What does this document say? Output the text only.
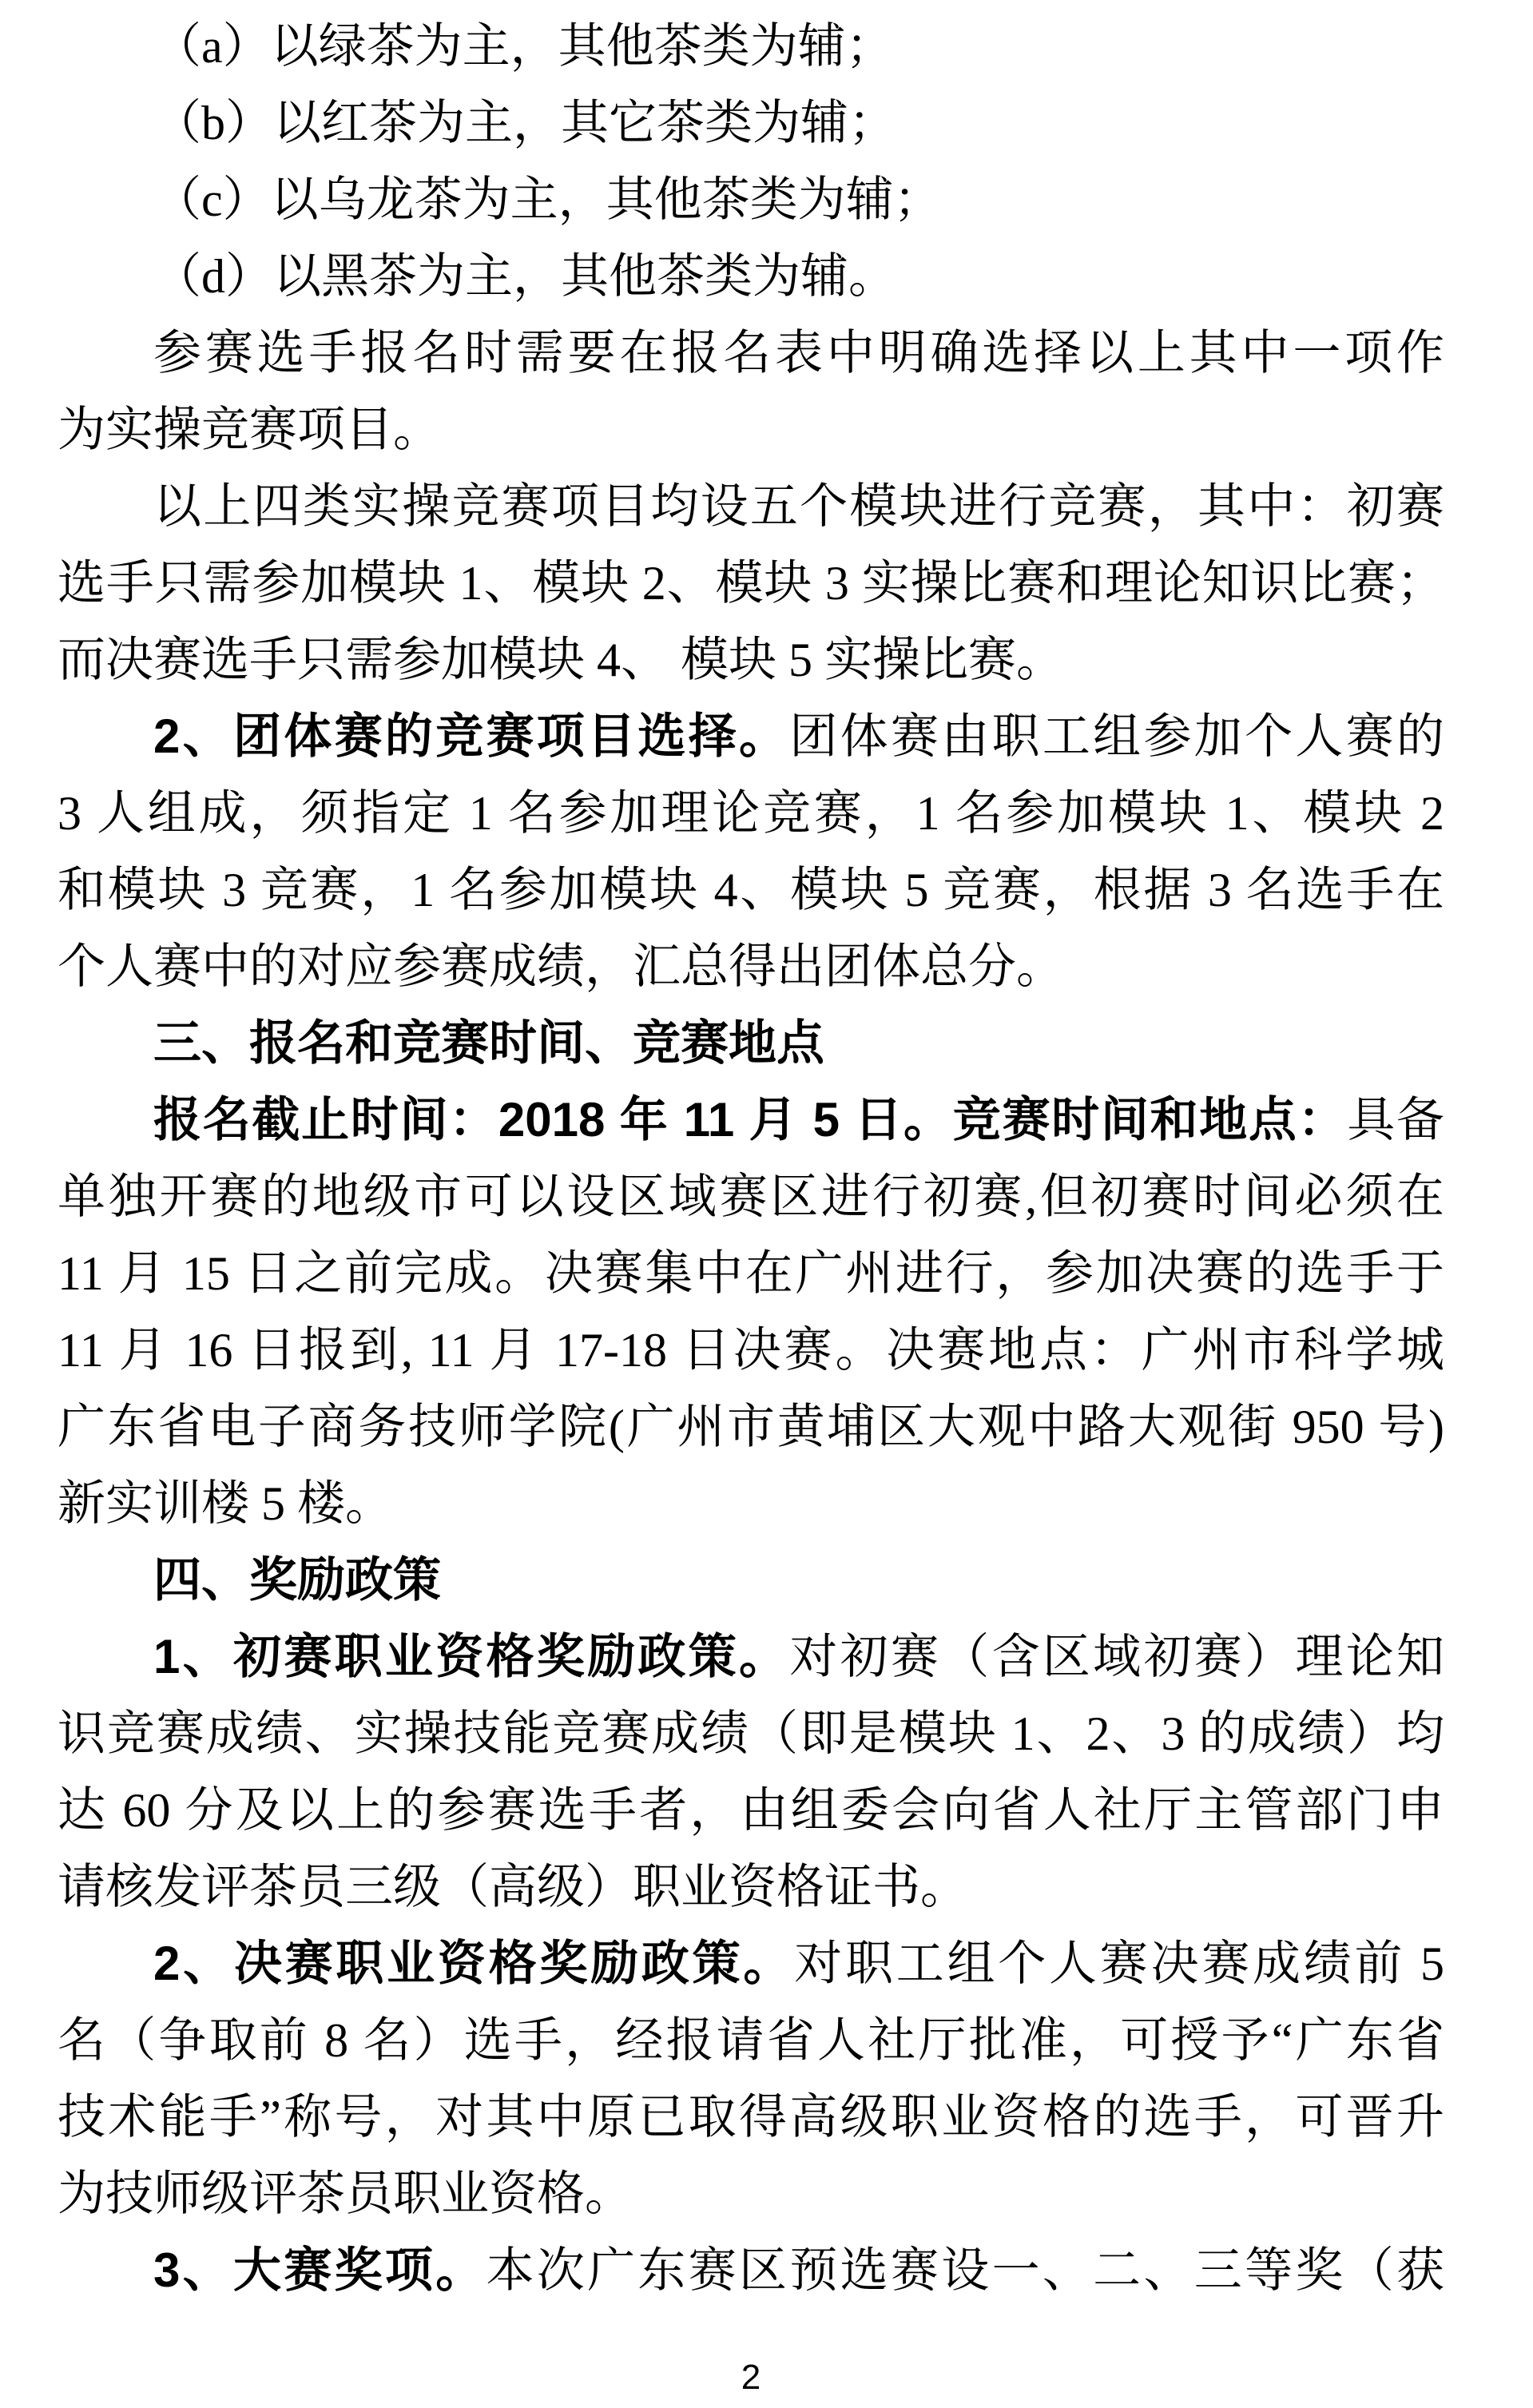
（a）以绿茶为主，其他茶类为辅；
（b）以红茶为主，其它茶类为辅；
（c）以乌龙茶为主，其他茶类为辅；
（d）以黑茶为主，其他茶类为辅。
参赛选手报名时需要在报名表中明确选择以上其中一项作
为实操竞赛项目。
以上四类实操竞赛项目均设五个模块进行竞赛，其中：初赛
选手只需参加模块 1、模块 2、模块 3 实操比赛和理论知识比赛；
而决赛选手只需参加模块 4、 模块 5 实操比赛。
2、团体赛的竞赛项目选择。团体赛由职工组参加个人赛的
3 人组成，须指定 1 名参加理论竞赛，1 名参加模块 1、模块 2
和模块 3 竞赛，1 名参加模块 4、模块 5 竞赛，根据 3 名选手在
个人赛中的对应参赛成绩，汇总得出团体总分。
三、报名和竞赛时间、竞赛地点
报名截止时间：2018 年 11 月 5 日。竞赛时间和地点：具备
单独开赛的地级市可以设区域赛区进行初赛,但初赛时间必须在
11 月 15 日之前完成。决赛集中在广州进行，参加决赛的选手于
11 月 16 日报到, 11 月 17-18 日决赛。决赛地点：广州市科学城
广东省电子商务技师学院(广州市黄埔区大观中路大观街 950 号)
新实训楼 5 楼。
四、奖励政策
1、初赛职业资格奖励政策。对初赛（含区域初赛）理论知
识竞赛成绩、实操技能竞赛成绩（即是模块 1、2、3 的成绩）均
达 60 分及以上的参赛选手者，由组委会向省人社厅主管部门申
请核发评茶员三级（高级）职业资格证书。
2、决赛职业资格奖励政策。对职工组个人赛决赛成绩前 5
名（争取前 8 名）选手，经报请省人社厅批准，可授予“广东省
技术能手”称号，对其中原已取得高级职业资格的选手，可晋升
为技师级评茶员职业资格。
3、大赛奖项。本次广东赛区预选赛设一、二、三等奖（获
2
